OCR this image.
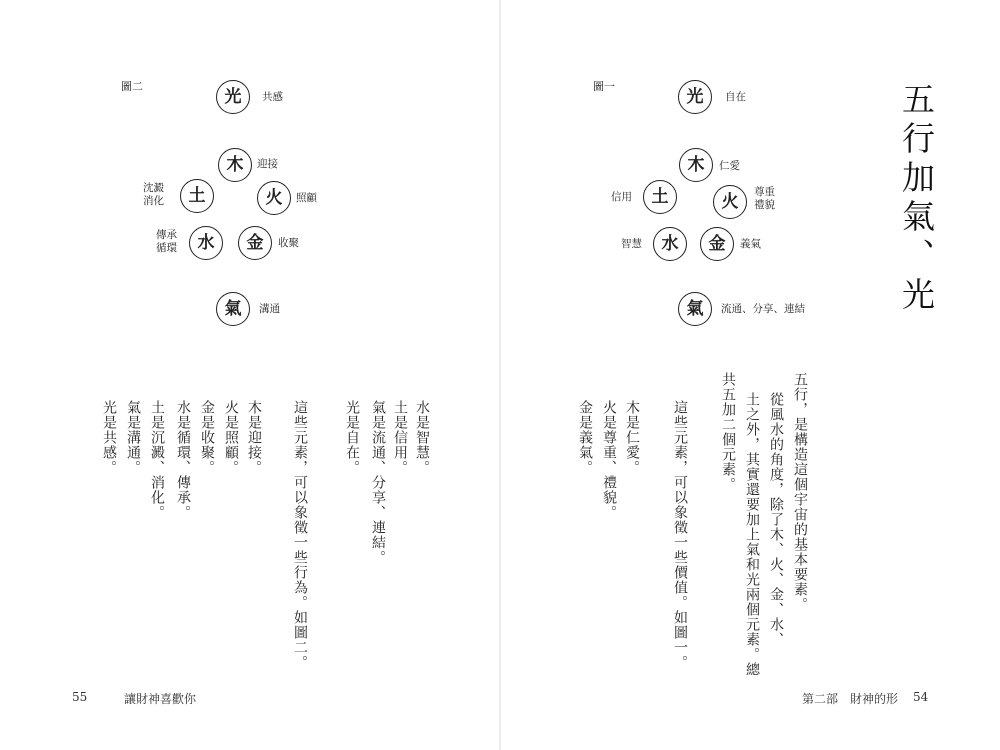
圖二	光 共感
木 迎接
火 照顧
土
沈澱
消化
水
傳承
循環	金 收聚
氣 溝通
水是智慧。
土是信用。
氣是流通、分享、連結。
光是自在。
這些元素，可以象徵一些行為。如圖二。
木是迎接。
火是照顧。
金是收聚。
水是循環、傳承。
土是沉澱、消化。
氣是溝通。
光是共感。
55	讓財神喜歡你
五行加氣、光
圖一	光 自在
木 仁愛
火 尊重
禮貌
土
信用
水
智慧	金 義氣
氣 流通、分享、連結
五行，是構造這個宇宙的基本要素。
從風水的角度，除了木、火、金、水、
土之外，其實還要加上氣和光兩個元素。總
共五加二個元素。
這些元素，可以象徵一些價值。如圖一。
木是仁愛。
火是尊重、禮貌。
金是義氣。
第二部　財神的形 54
